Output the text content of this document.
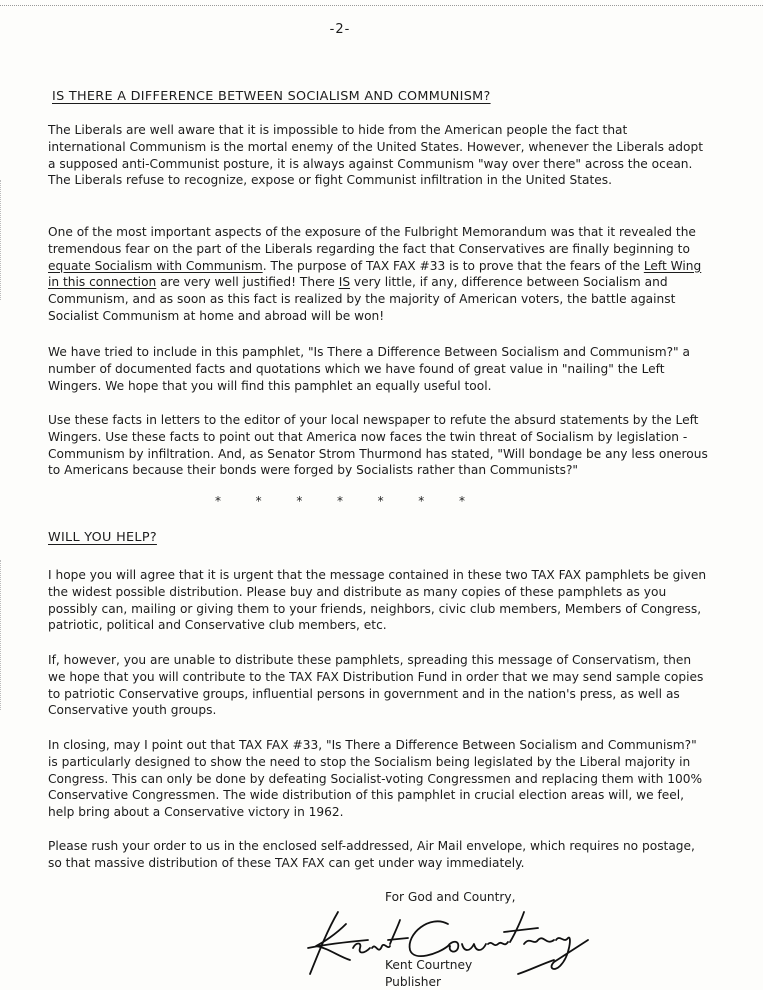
-2-
IS THERE A DIFFERENCE BETWEEN SOCIALISM AND COMMUNISM?

The Liberals are well aware that it is impossible to hide from the American people the fact that international Communism is the mortal enemy of the United States. However, whenever the Liberals adopt a supposed anti-Communist posture, it is always against Communism "way over there" across the ocean. The Liberals refuse to recognize, expose or fight Communist infiltration in the United States.

One of the most important aspects of the exposure of the Fulbright Memorandum was that it revealed the tremendous fear on the part of the Liberals regarding the fact that Conservatives are finally beginning to equate Socialism with Communism. The purpose of TAX FAX #33 is to prove that the fears of the Left Wing in this connection are very well justified! There IS very little, if any, difference between Socialism and Communism, and as soon as this fact is realized by the majority of American voters, the battle against Socialist Communism at home and abroad will be won!

We have tried to include in this pamphlet, "Is There a Difference Between Socialism and Communism?" a number of documented facts and quotations which we have found of great value in "nailing" the Left Wingers. We hope that you will find this pamphlet an equally useful tool.

Use these facts in letters to the editor of your local newspaper to refute the absurd statements by the Left Wingers. Use these facts to point out that America now faces the twin threat of Socialism by legislation - Communism by infiltration. And, as Senator Strom Thurmond has stated, "Will bondage be any less onerous to Americans because their bonds were forged by Socialists rather than Communists?"

*	*	*	*	*	*	*
WILL YOU HELP?

I hope you will agree that it is urgent that the message contained in these two TAX FAX pamphlets be given the widest possible distribution. Please buy and distribute as many copies of these pamphlets as you possibly can, mailing or giving them to your friends, neighbors, civic club members, Members of Congress, patriotic, political and Conservative club members, etc.

If, however, you are unable to distribute these pamphlets, spreading this message of Conservatism, then we hope that you will contribute to the TAX FAX Distribution Fund in order that we may send sample copies to patriotic Conservative groups, influential persons in government and in the nation's press, as well as Conservative youth groups.

In closing, may I point out that TAX FAX #33, "Is There a Difference Between Socialism and Communism?" is particularly designed to show the need to stop the Socialism being legislated by the Liberal majority in Congress. This can only be done by defeating Socialist-voting Congressmen and replacing them with 100% Conservative Congressmen. The wide distribution of this pamphlet in crucial election areas will, we feel, help bring about a Conservative victory in 1962.

Please rush your order to us in the enclosed self-addressed, Air Mail envelope, which requires no postage, so that massive distribution of these TAX FAX can get under way immediately.

For God and Country,
Kent Courtney
Publisher
